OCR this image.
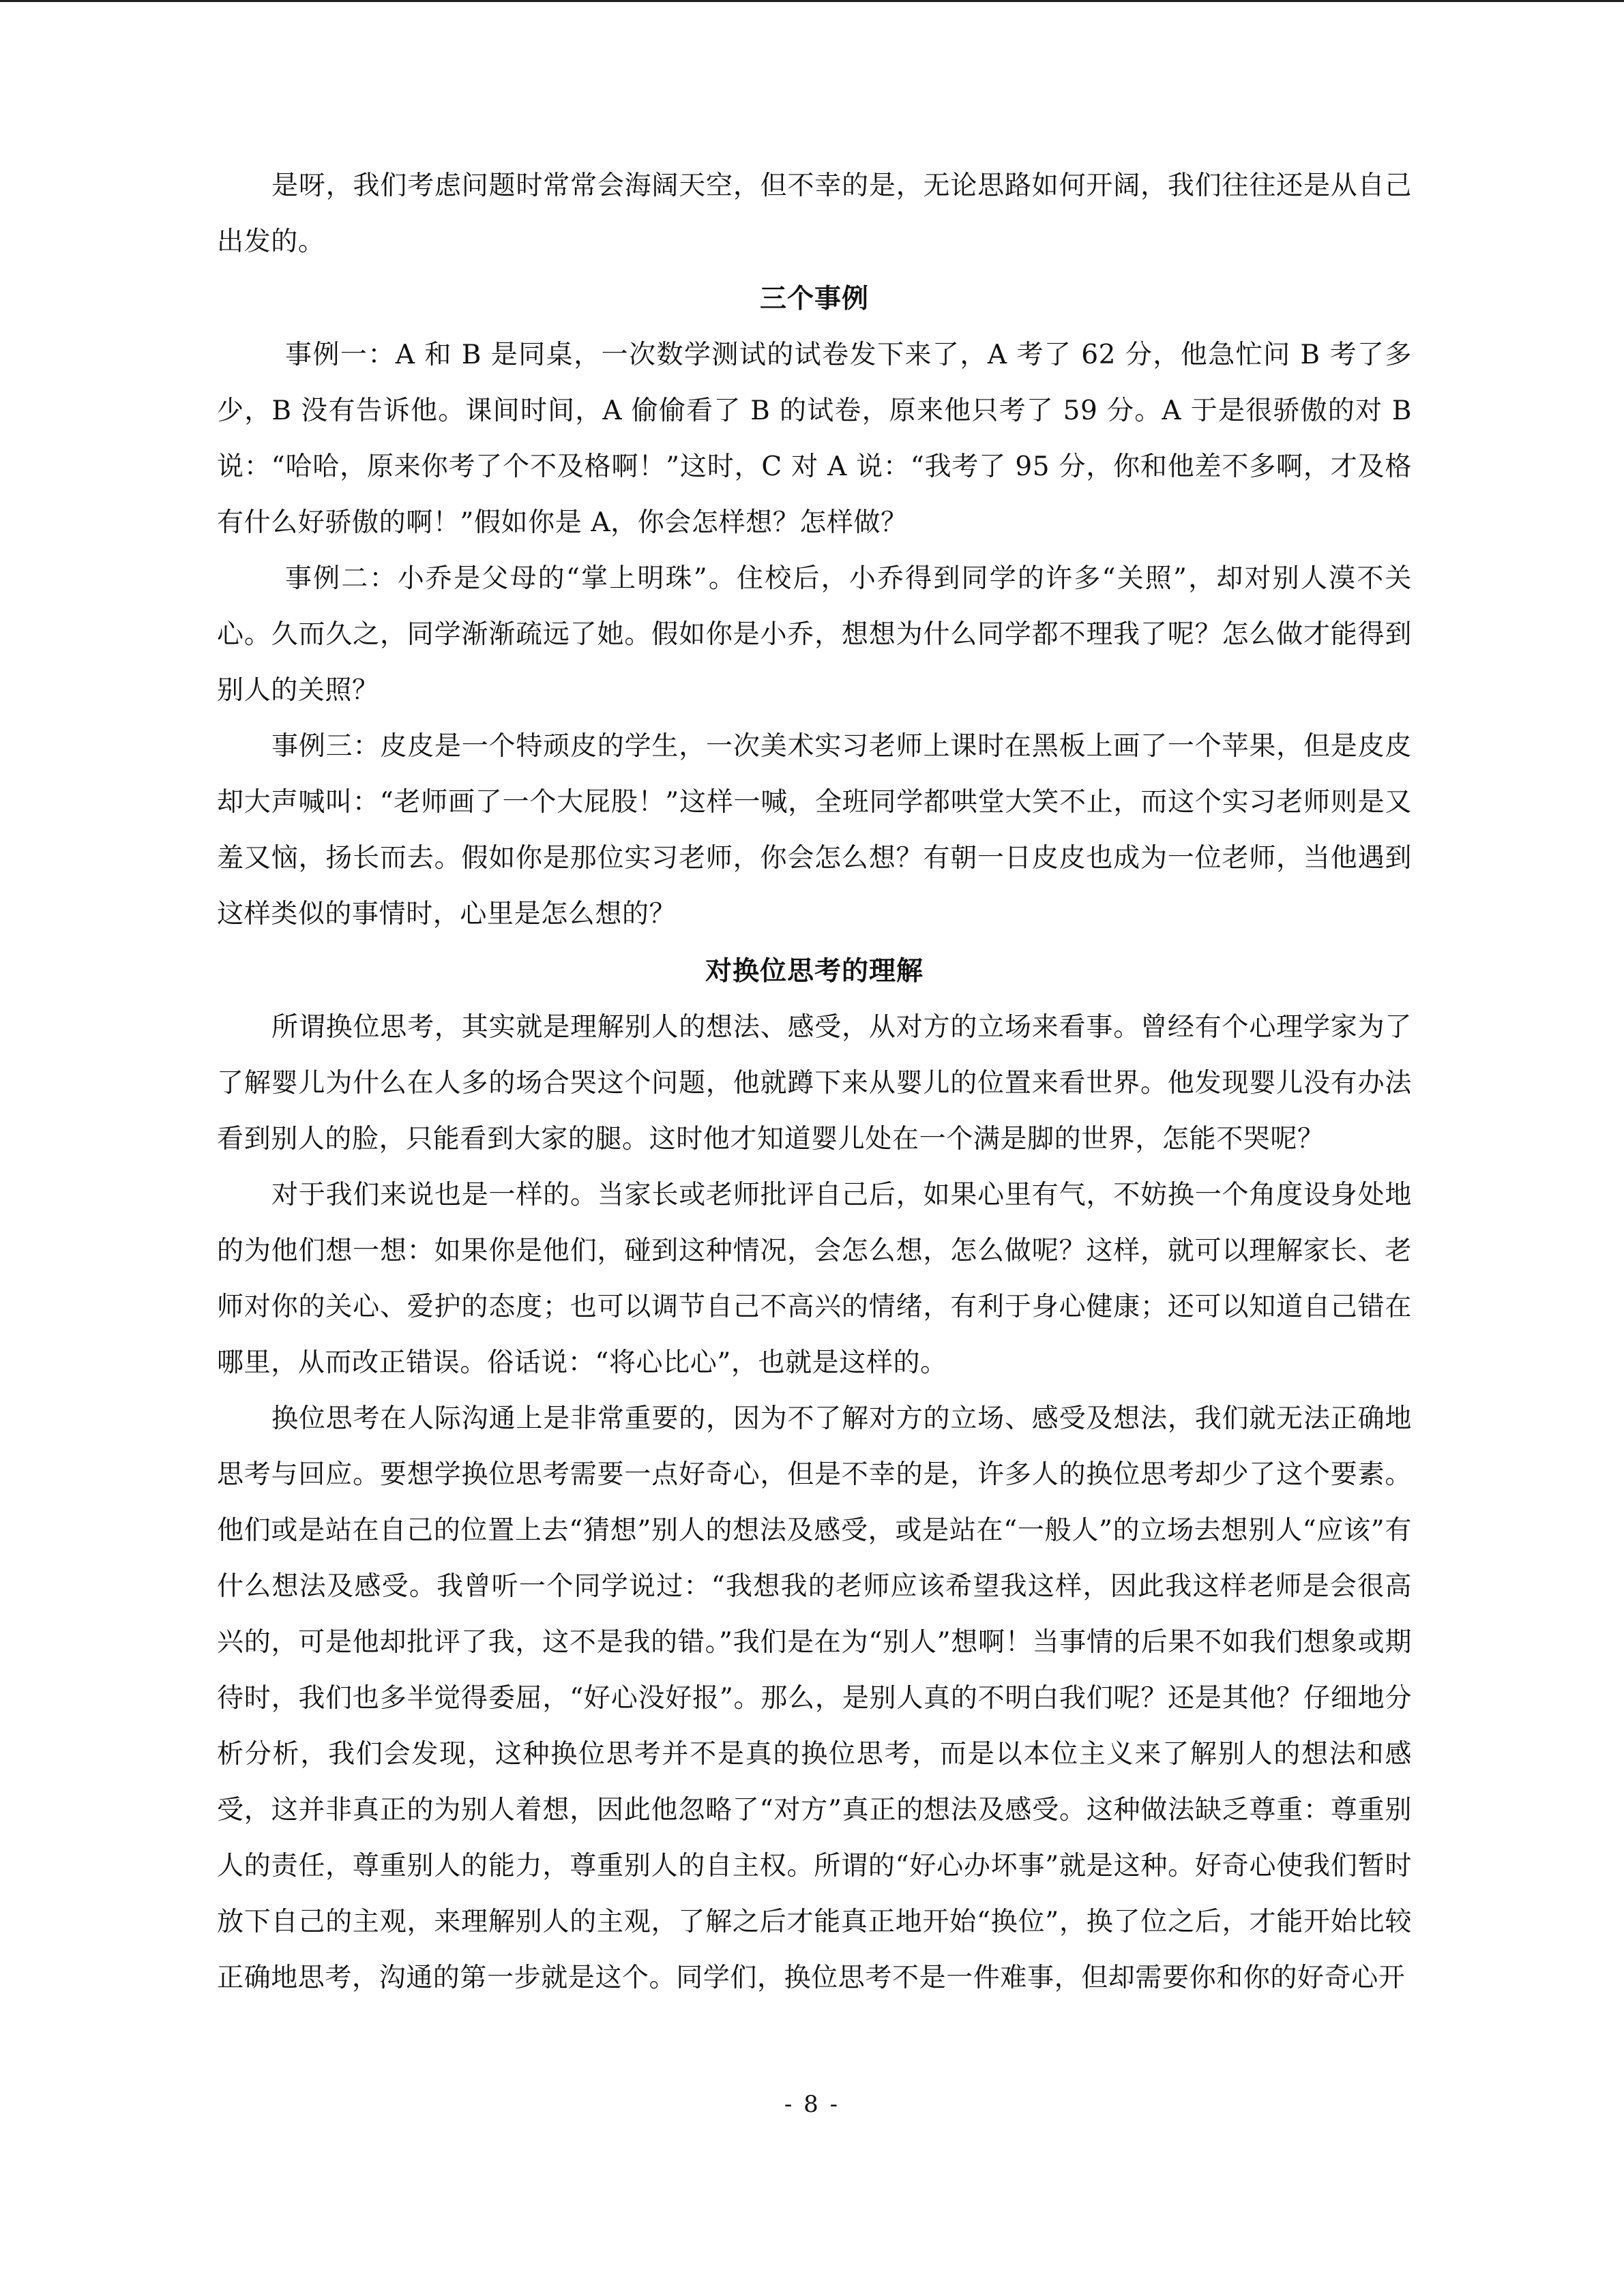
是呀，我们考虑问题时常常会海阔天空，但不幸的是，无论思路如何开阔，我们往往还是从自己出发的。

三个事例

事例一：A 和 B 是同桌，一次数学测试的试卷发下来了，A 考了 62 分，他急忙问 B 考了多少，B 没有告诉他。课间时间，A 偷偷看了 B 的试卷，原来他只考了 59 分。A 于是很骄傲的对 B 说：“哈哈，原来你考了个不及格啊！”这时，C 对 A 说：“我考了 95 分，你和他差不多啊，才及格有什么好骄傲的啊！”假如你是 A，你会怎样想？怎样做？

事例二：小乔是父母的“掌上明珠”。住校后，小乔得到同学的许多“关照”，却对别人漠不关心。久而久之，同学渐渐疏远了她。假如你是小乔，想想为什么同学都不理我了呢？怎么做才能得到别人的关照？

事例三：皮皮是一个特顽皮的学生，一次美术实习老师上课时在黑板上画了一个苹果，但是皮皮却大声喊叫：“老师画了一个大屁股！”这样一喊，全班同学都哄堂大笑不止，而这个实习老师则是又羞又恼，扬长而去。假如你是那位实习老师，你会怎么想？有朝一日皮皮也成为一位老师，当他遇到这样类似的事情时，心里是怎么想的？

对换位思考的理解

所谓换位思考，其实就是理解别人的想法、感受，从对方的立场来看事。曾经有个心理学家为了了解婴儿为什么在人多的场合哭这个问题，他就蹲下来从婴儿的位置来看世界。他发现婴儿没有办法看到别人的脸，只能看到大家的腿。这时他才知道婴儿处在一个满是脚的世界，怎能不哭呢？

对于我们来说也是一样的。当家长或老师批评自己后，如果心里有气，不妨换一个角度设身处地的为他们想一想：如果你是他们，碰到这种情况，会怎么想，怎么做呢？这样，就可以理解家长、老师对你的关心、爱护的态度；也可以调节自己不高兴的情绪，有利于身心健康；还可以知道自己错在哪里，从而改正错误。俗话说：“将心比心”，也就是这样的。

换位思考在人际沟通上是非常重要的，因为不了解对方的立场、感受及想法，我们就无法正确地思考与回应。要想学换位思考需要一点好奇心，但是不幸的是，许多人的换位思考却少了这个要素。他们或是站在自己的位置上去“猜想”别人的想法及感受，或是站在“一般人”的立场去想别人“应该”有什么想法及感受。我曾听一个同学说过：“我想我的老师应该希望我这样，因此我这样老师是会很高兴的，可是他却批评了我，这不是我的错。”我们是在为“别人”想啊！当事情的后果不如我们想象或期待时，我们也多半觉得委屈，“好心没好报”。那么，是别人真的不明白我们呢？还是其他？仔细地分析分析，我们会发现，这种换位思考并不是真的换位思考，而是以本位主义来了解别人的想法和感受，这并非真正的为别人着想，因此他忽略了“对方”真正的想法及感受。这种做法缺乏尊重：尊重别人的责任，尊重别人的能力，尊重别人的自主权。所谓的“好心办坏事”就是这种。好奇心使我们暂时放下自己的主观，来理解别人的主观，了解之后才能真正地开始“换位”，换了位之后，才能开始比较正确地思考，沟通的第一步就是这个。同学们，换位思考不是一件难事，但却需要你和你的好奇心开

- 8 -
